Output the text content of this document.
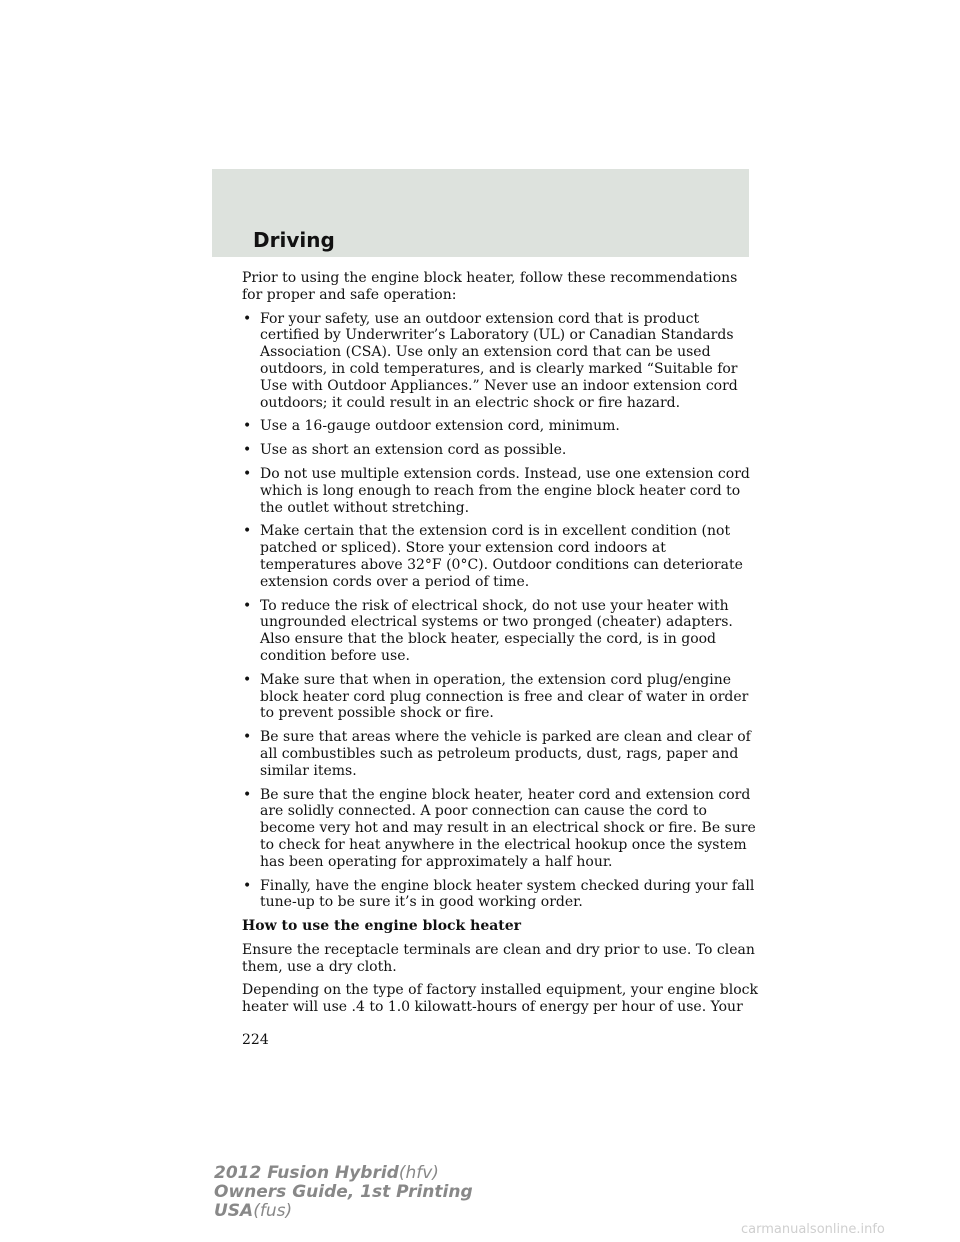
Driving

Prior to using the engine block heater, follow these recommendations for proper and safe operation:

• For your safety, use an outdoor extension cord that is product certified by Underwriter’s Laboratory (UL) or Canadian Standards Association (CSA). Use only an extension cord that can be used outdoors, in cold temperatures, and is clearly marked “Suitable for Use with Outdoor Appliances.” Never use an indoor extension cord outdoors; it could result in an electric shock or fire hazard.
• Use a 16-gauge outdoor extension cord, minimum.
• Use as short an extension cord as possible.
• Do not use multiple extension cords. Instead, use one extension cord which is long enough to reach from the engine block heater cord to the outlet without stretching.
• Make certain that the extension cord is in excellent condition (not patched or spliced). Store your extension cord indoors at temperatures above 32°F (0°C). Outdoor conditions can deteriorate extension cords over a period of time.
• To reduce the risk of electrical shock, do not use your heater with ungrounded electrical systems or two pronged (cheater) adapters. Also ensure that the block heater, especially the cord, is in good condition before use.
• Make sure that when in operation, the extension cord plug/engine block heater cord plug connection is free and clear of water in order to prevent possible shock or fire.
• Be sure that areas where the vehicle is parked are clean and clear of all combustibles such as petroleum products, dust, rags, paper and similar items.
• Be sure that the engine block heater, heater cord and extension cord are solidly connected. A poor connection can cause the cord to become very hot and may result in an electrical shock or fire. Be sure to check for heat anywhere in the electrical hookup once the system has been operating for approximately a half hour.
• Finally, have the engine block heater system checked during your fall tune-up to be sure it’s in good working order.

How to use the engine block heater

Ensure the receptacle terminals are clean and dry prior to use. To clean them, use a dry cloth.

Depending on the type of factory installed equipment, your engine block heater will use .4 to 1.0 kilowatt-hours of energy per hour of use. Your

224
2012 Fusion Hybrid(hfv)
Owners Guide, 1st Printing
USA(fus)
carmanualsonline.info
